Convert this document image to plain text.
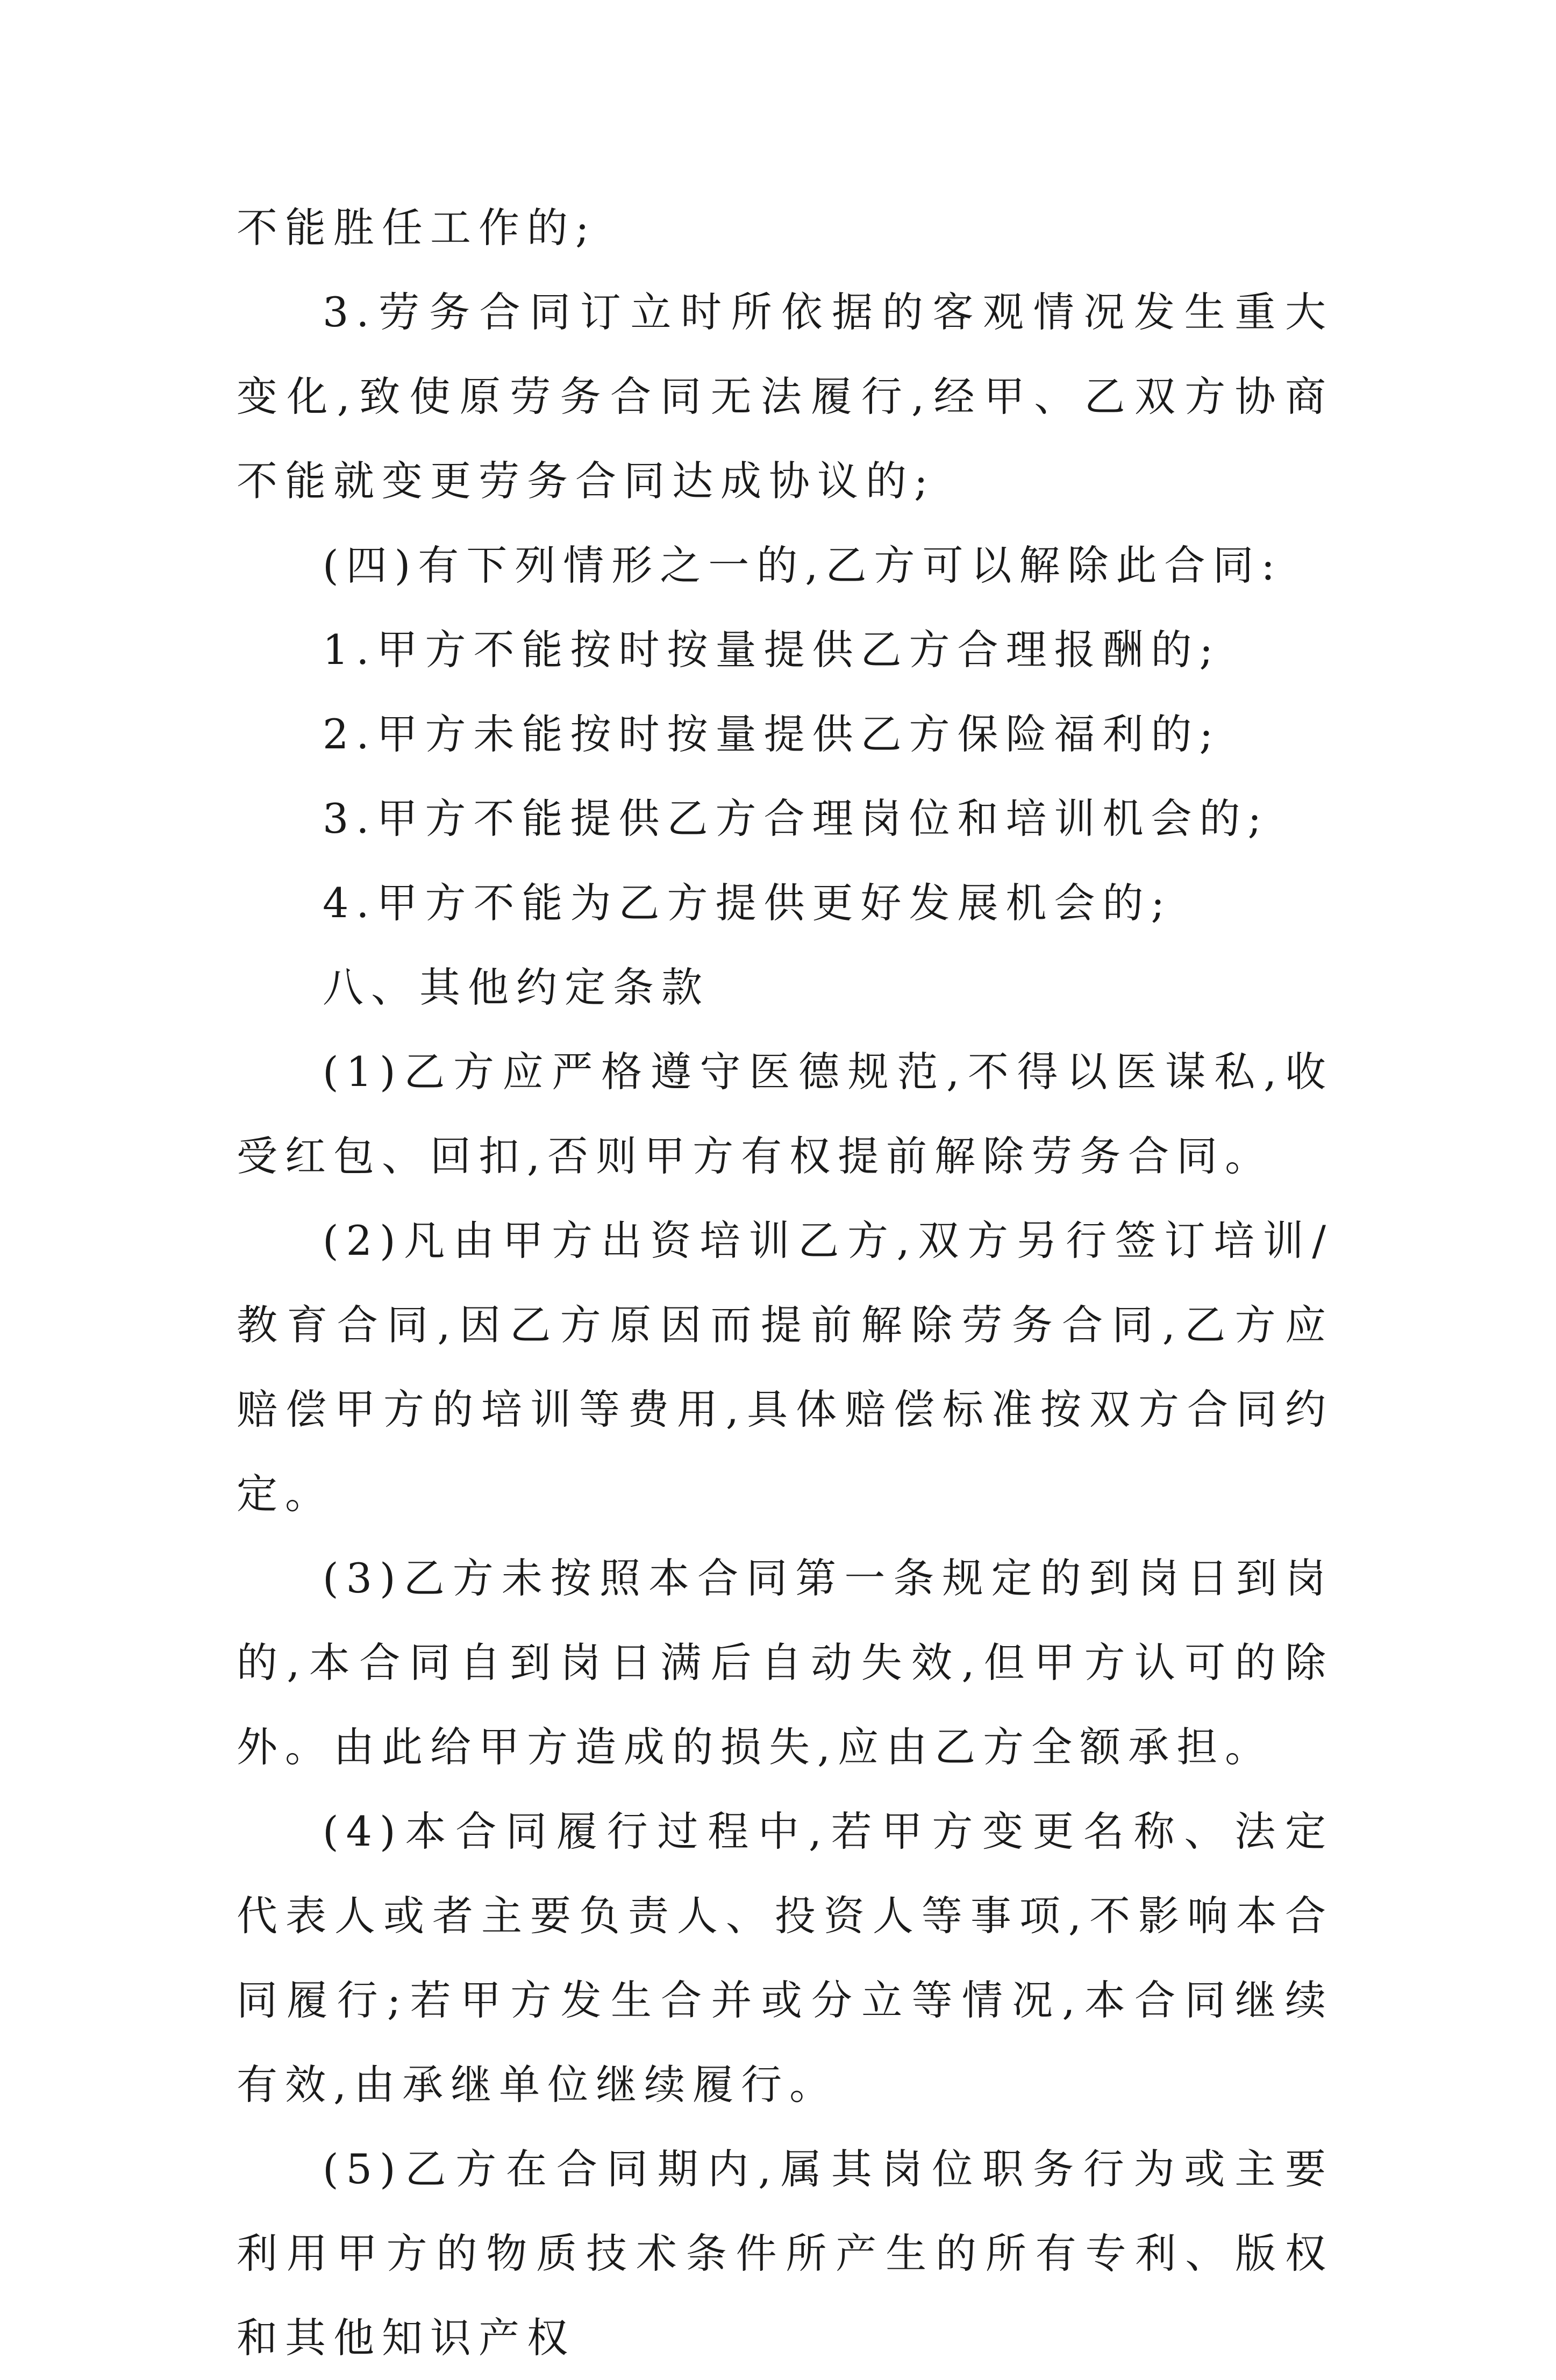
不能胜任工作的;

3.劳务合同订立时所依据的客观情况发生重大变化,致使原劳务合同无法履行,经甲、乙双方协商不能就变更劳务合同达成协议的;

(四)有下列情形之一的,乙方可以解除此合同:

1.甲方不能按时按量提供乙方合理报酬的;

2.甲方未能按时按量提供乙方保险福利的;

3.甲方不能提供乙方合理岗位和培训机会的;

4.甲方不能为乙方提供更好发展机会的;

八、其他约定条款

(1)乙方应严格遵守医德规范,不得以医谋私,收受红包、回扣,否则甲方有权提前解除劳务合同。

(2)凡由甲方出资培训乙方,双方另行签订培训/教育合同,因乙方原因而提前解除劳务合同,乙方应赔偿甲方的培训等费用,具体赔偿标准按双方合同约定。

(3)乙方未按照本合同第一条规定的到岗日到岗的,本合同自到岗日满后自动失效,但甲方认可的除外。由此给甲方造成的损失,应由乙方全额承担。

(4)本合同履行过程中,若甲方变更名称、法定代表人或者主要负责人、投资人等事项,不影响本合同履行;若甲方发生合并或分立等情况,本合同继续有效,由承继单位继续履行。

(5)乙方在合同期内,属其岗位职务行为或主要利用甲方的物质技术条件所产生的所有专利、版权和其他知识产权
